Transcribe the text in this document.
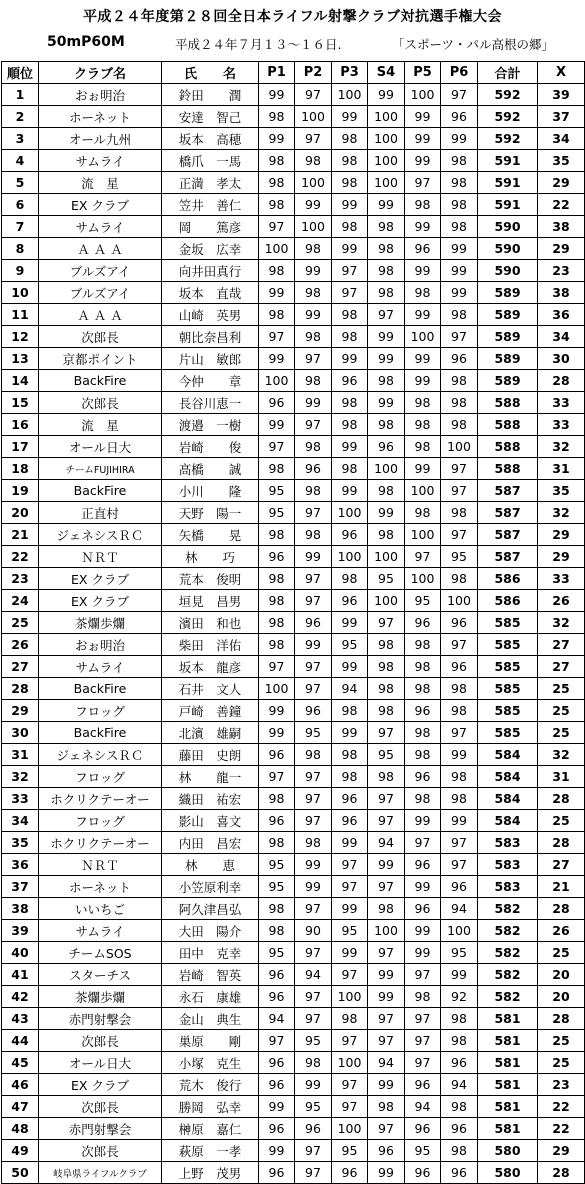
平成２４年度第２８回全日本ライフル射撃クラブ対抗選手権大会
50mP60M	平成２４年７月１３～１６日.	「スポーツ・パル高根の郷」
順位	クラブ名	氏　　名	P1	P2	P3	S4	P5	P6	合計	X
1	おぉ明治	鈴田　　潤	99	97	100	99	100	97	592	39
2	ホーネット	安達　智己	98	100	99	100	99	96	592	37
3	オール九州	坂本　高穂	99	97	98	100	99	99	592	34
4	サムライ	橋爪　一馬	98	98	98	100	99	98	591	35
5	流　星	正満　孝太	98	100	98	100	97	98	591	29
6	EX クラブ	笠井　善仁	98	99	99	99	98	98	591	22
7	サムライ	岡　　篤彦	97	100	98	98	99	98	590	38
8	Ａ Ａ Ａ	金坂　広幸	100	98	99	98	96	99	590	29
9	ブルズアイ	向井田真行	98	99	97	98	99	99	590	23
10	ブルズアイ	坂本　直哉	99	98	97	98	98	99	589	38
11	Ａ Ａ Ａ	山崎　英男	98	99	98	97	99	98	589	36
12	次郎長	朝比奈昌利	97	98	98	99	100	97	589	34
13	京都ポイント	片山　敏郎	99	97	99	99	99	96	589	30
14	BackFire	今仲　　章	100	98	96	98	99	98	589	28
15	次郎長	長谷川恵一	96	99	98	99	98	98	588	33
16	流　星	渡邉　一樹	99	97	98	98	98	98	588	33
17	オール日大	岩崎　　俊	97	98	99	96	98	100	588	32
18	チームFUJIHIRA	高橋　　誠	98	96	98	100	99	97	588	31
19	BackFire	小川　　隆	95	98	99	98	100	97	587	35
20	正直村	天野　陽一	95	97	100	99	98	98	587	32
21	ジェネシスＲＣ	矢橋　　晃	98	98	96	98	100	97	587	29
22	ＮＲＴ	林　　巧	96	99	100	100	97	95	587	29
23	EX クラブ	荒本　俊明	98	97	98	95	100	98	586	33
24	EX クラブ	垣見　昌男	98	97	96	100	95	100	586	26
25	茶爛歩爛	濱田　和也	98	96	99	97	96	96	585	32
26	おぉ明治	柴田　洋佑	98	99	95	98	98	97	585	27
27	サムライ	坂本　龍彦	97	97	99	98	98	96	585	27
28	BackFire	石井　文人	100	97	94	98	98	98	585	25
29	フロッグ	戸崎　善鐘	99	96	98	98	96	98	585	25
30	BackFire	北濱　雄嗣	99	95	99	97	98	97	585	25
31	ジェネシスＲＣ	藤田　史朗	96	98	98	95	98	99	584	32
32	フロッグ	林　　龍一	97	97	98	98	96	98	584	31
33	ホクリクテーオー	織田　祐宏	98	97	96	97	98	98	584	28
34	フロッグ	影山　喜文	96	97	96	97	99	99	584	25
35	ホクリクテーオー	内田　昌宏	98	98	99	94	97	97	583	28
36	ＮＲＴ	林　　恵	95	99	97	99	96	97	583	27
37	ホーネット	小笠原利幸	95	99	97	97	99	96	583	21
38	いいちご	阿久津昌弘	98	97	99	98	96	94	582	28
39	サムライ	大田　陽介	98	90	95	100	99	100	582	26
40	チームSOS	田中　克幸	95	97	99	97	99	95	582	25
41	スターチス	岩崎　智英	96	94	97	99	97	99	582	20
42	茶爛歩爛	永石　康雄	96	97	100	99	98	92	582	20
43	赤門射撃会	金山　典生	94	97	98	97	97	98	581	28
44	次郎長	巣原　　剛	97	95	97	97	97	98	581	25
45	オール日大	小塚　克生	96	98	100	94	97	96	581	25
46	EX クラブ	荒木　俊行	96	99	97	99	96	94	581	23
47	次郎長	勝岡　弘幸	99	95	97	98	94	98	581	22
48	赤門射撃会	榊原　嘉仁	96	96	100	97	96	96	581	22
49	次郎長	萩原　一孝	99	97	95	96	95	98	580	29
50	岐阜県ライフルクラブ	上野　茂男	96	97	96	99	96	96	580	28
